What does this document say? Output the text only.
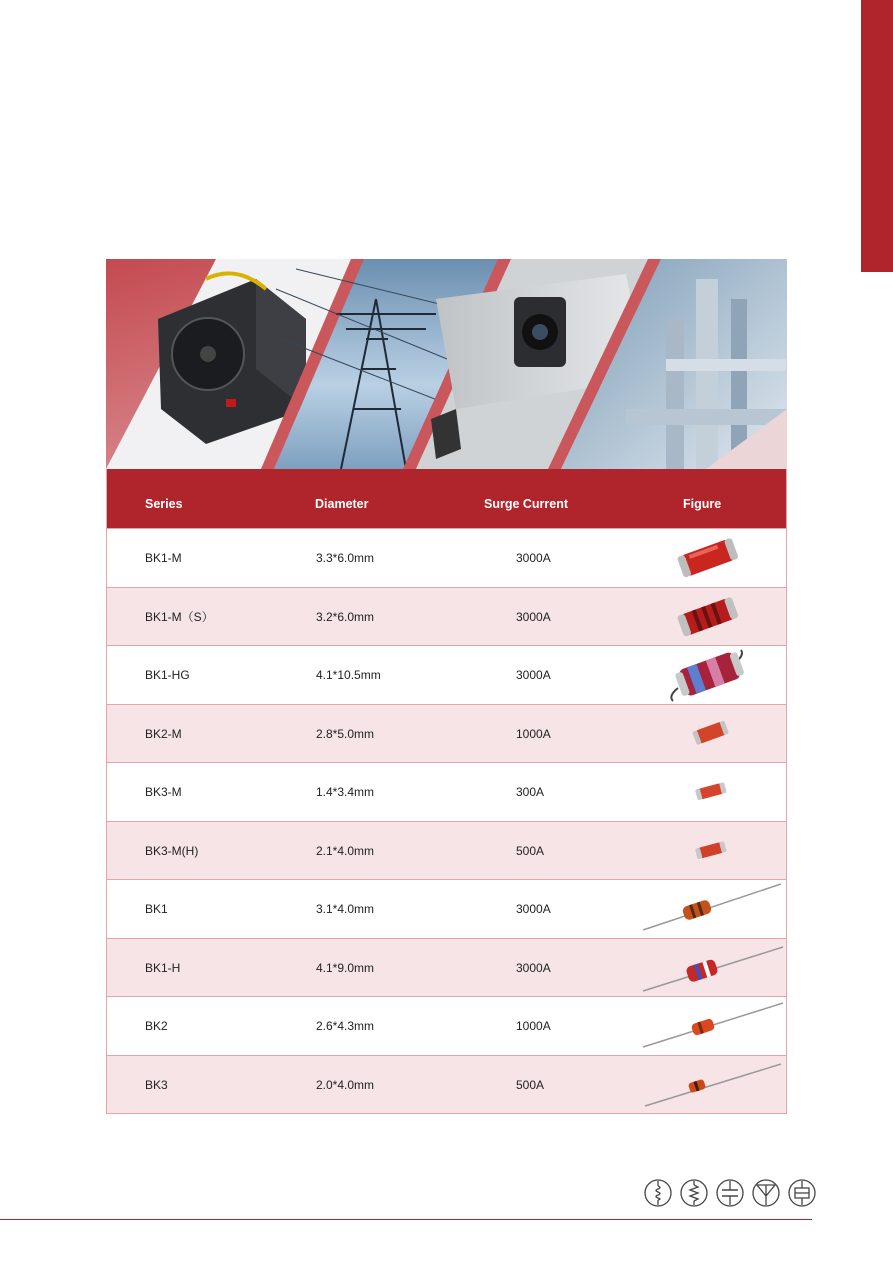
Series	Diameter	Surge Current	Figure
BK1-M	3.3*6.0mm	3000A
BK1-M（S）	3.2*6.0mm	3000A
BK1-HG	4.1*10.5mm	3000A
BK2-M	2.8*5.0mm	1000A
BK3-M	1.4*3.4mm	300A
BK3-M(H)	2.1*4.0mm	500A
BK1	3.1*4.0mm	3000A
BK1-H	4.1*9.0mm	3000A
BK2	2.6*4.3mm	1000A
BK3	2.0*4.0mm	500A
